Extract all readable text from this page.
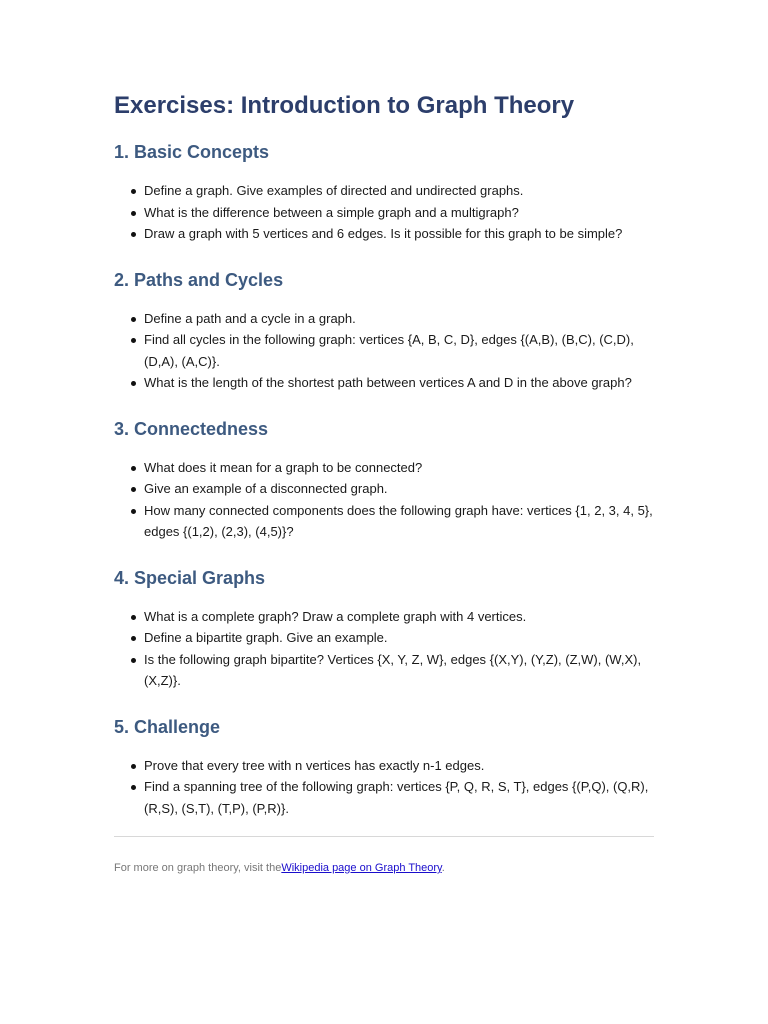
Exercises: Introduction to Graph Theory
1. Basic Concepts
Define a graph. Give examples of directed and undirected graphs.
What is the difference between a simple graph and a multigraph?
Draw a graph with 5 vertices and 6 edges. Is it possible for this graph to be simple?
2. Paths and Cycles
Define a path and a cycle in a graph.
Find all cycles in the following graph: vertices {A, B, C, D}, edges {(A,B), (B,C), (C,D), (D,A), (A,C)}.
What is the length of the shortest path between vertices A and D in the above graph?
3. Connectedness
What does it mean for a graph to be connected?
Give an example of a disconnected graph.
How many connected components does the following graph have: vertices {1, 2, 3, 4, 5}, edges {(1,2), (2,3), (4,5)}?
4. Special Graphs
What is a complete graph? Draw a complete graph with 4 vertices.
Define a bipartite graph. Give an example.
Is the following graph bipartite? Vertices {X, Y, Z, W}, edges {(X,Y), (Y,Z), (Z,W), (W,X), (X,Z)}.
5. Challenge
Prove that every tree with n vertices has exactly n-1 edges.
Find a spanning tree of the following graph: vertices {P, Q, R, S, T}, edges {(P,Q), (Q,R), (R,S), (S,T), (T,P), (P,R)}.
For more on graph theory, visit theWikipedia page on Graph Theory.
